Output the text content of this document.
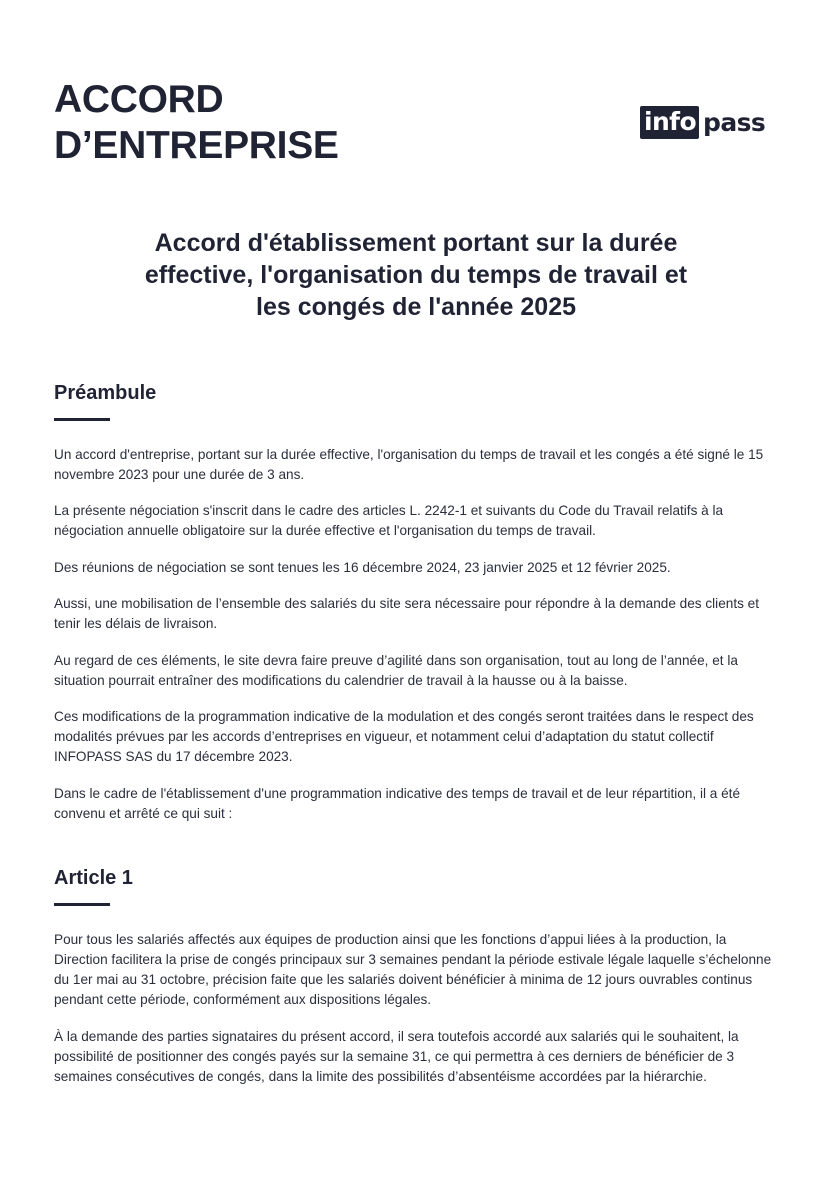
ACCORD
D’ENTREPRISE
info pass
Accord d'établissement portant sur la durée
effective, l'organisation du temps de travail et
les congés de l'année 2025
Préambule

Un accord d'entreprise, portant sur la durée effective, l'organisation du temps de travail et les congés a été signé le 15 novembre 2023 pour une durée de 3 ans.

La présente négociation s'inscrit dans le cadre des articles L. 2242-1 et suivants du Code du Travail relatifs à la négociation annuelle obligatoire sur la durée effective et l'organisation du temps de travail.

Des réunions de négociation se sont tenues les 16 décembre 2024, 23 janvier 2025 et 12 février 2025.

Aussi, une mobilisation de l’ensemble des salariés du site sera nécessaire pour répondre à la demande des clients et tenir les délais de livraison.

Au regard de ces éléments, le site devra faire preuve d’agilité dans son organisation, tout au long de l’année, et la situation pourrait entraîner des modifications du calendrier de travail à la hausse ou à la baisse.

Ces modifications de la programmation indicative de la modulation et des congés seront traitées dans le respect des modalités prévues par les accords d’entreprises en vigueur, et notamment celui d’adaptation du statut collectif INFOPASS SAS du 17 décembre 2023.

Dans le cadre de l'établissement d'une programmation indicative des temps de travail et de leur répartition, il a été convenu et arrêté ce qui suit :

Article 1

Pour tous les salariés affectés aux équipes de production ainsi que les fonctions d’appui liées à la production, la Direction facilitera la prise de congés principaux sur 3 semaines pendant la période estivale légale laquelle s’échelonne du 1er mai au 31 octobre, précision faite que les salariés doivent bénéficier à minima de 12 jours ouvrables continus pendant cette période, conformément aux dispositions légales.

À la demande des parties signataires du présent accord, il sera toutefois accordé aux salariés qui le souhaitent, la possibilité de positionner des congés payés sur la semaine 31, ce qui permettra à ces derniers de bénéficier de 3 semaines consécutives de congés, dans la limite des possibilités d’absentéisme accordées par la hiérarchie.
